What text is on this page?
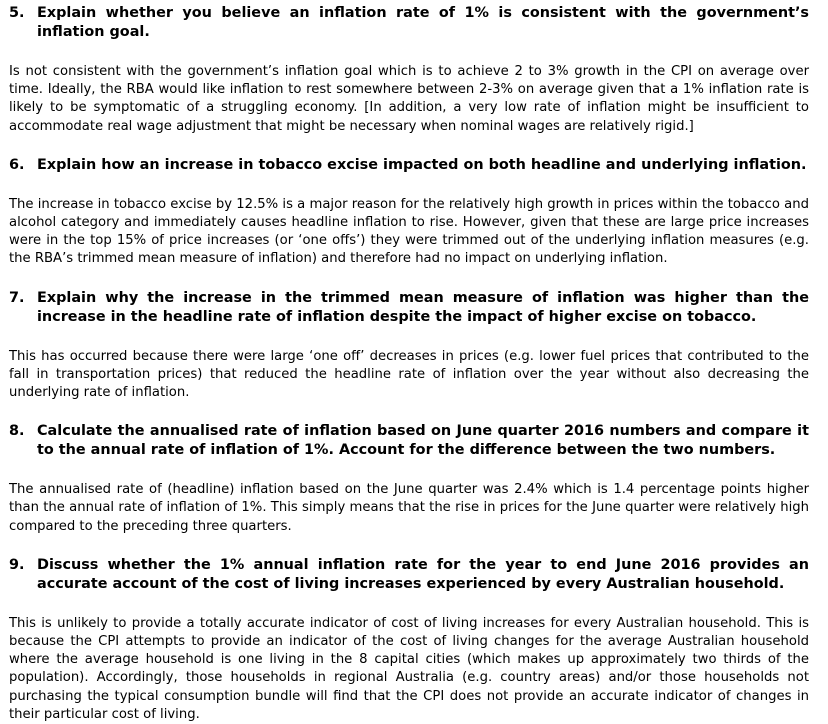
5. Explain whether you believe an inflation rate of 1% is consistent with the government’s inflation goal.

Is not consistent with the government’s inflation goal which is to achieve 2 to 3% growth in the CPI on average over time. Ideally, the RBA would like inflation to rest somewhere between 2-3% on average given that a 1% inflation rate is likely to be symptomatic of a struggling economy. [In addition, a very low rate of inflation might be insufficient to accommodate real wage adjustment that might be necessary when nominal wages are relatively rigid.]

6. Explain how an increase in tobacco excise impacted on both headline and underlying inflation.

The increase in tobacco excise by 12.5% is a major reason for the relatively high growth in prices within the tobacco and alcohol category and immediately causes headline inflation to rise. However, given that these are large price increases were in the top 15% of price increases (or ‘one offs’) they were trimmed out of the underlying inflation measures (e.g. the RBA’s trimmed mean measure of inflation) and therefore had no impact on underlying inflation.

7. Explain why the increase in the trimmed mean measure of inflation was higher than the increase in the headline rate of inflation despite the impact of higher excise on tobacco.

This has occurred because there were large ‘one off’ decreases in prices (e.g. lower fuel prices that contributed to the fall in transportation prices) that reduced the headline rate of inflation over the year without also decreasing the underlying rate of inflation.

8. Calculate the annualised rate of inflation based on June quarter 2016 numbers and compare it to the annual rate of inflation of 1%. Account for the difference between the two numbers.

The annualised rate of (headline) inflation based on the June quarter was 2.4% which is 1.4 percentage points higher than the annual rate of inflation of 1%. This simply means that the rise in prices for the June quarter were relatively high compared to the preceding three quarters.

9. Discuss whether the 1% annual inflation rate for the year to end June 2016 provides an accurate account of the cost of living increases experienced by every Australian household.

This is unlikely to provide a totally accurate indicator of cost of living increases for every Australian household. This is because the CPI attempts to provide an indicator of the cost of living changes for the average Australian household where the average household is one living in the 8 capital cities (which makes up approximately two thirds of the population). Accordingly, those households in regional Australia (e.g. country areas) and/or those households not purchasing the typical consumption bundle will find that the CPI does not provide an accurate indicator of changes in their particular cost of living.
